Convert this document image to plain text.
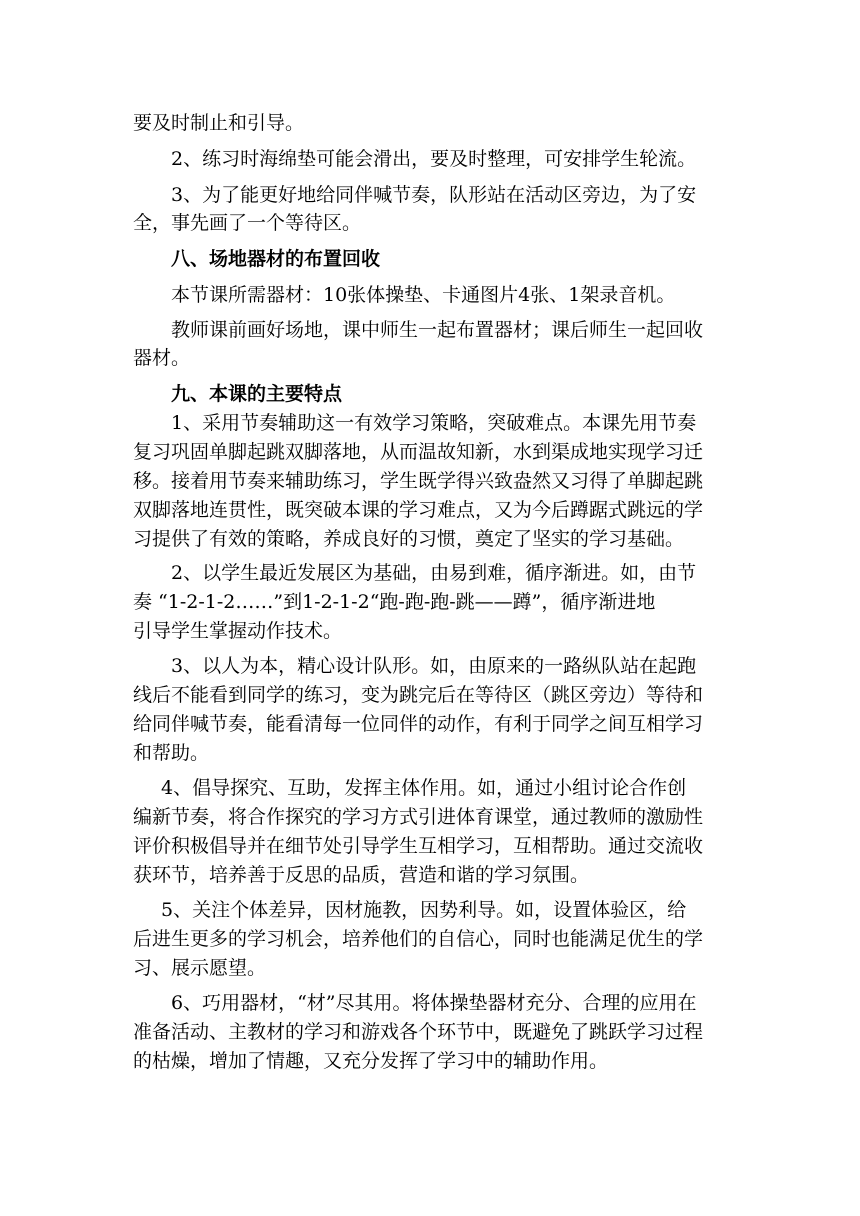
要及时制止和引导。
2、练习时海绵垫可能会滑出，要及时整理，可安排学生轮流。
3、为了能更好地给同伴喊节奏，队形站在活动区旁边，为了安
全，事先画了一个等待区。
八、场地器材的布置回收
本节课所需器材：10张体操垫、卡通图片4张、1架录音机。
教师课前画好场地，课中师生一起布置器材；课后师生一起回收
器材。
九、本课的主要特点
1、采用节奏辅助这一有效学习策略，突破难点。本课先用节奏
复习巩固单脚起跳双脚落地，从而温故知新，水到渠成地实现学习迁
移。接着用节奏来辅助练习，学生既学得兴致盎然又习得了单脚起跳
双脚落地连贯性，既突破本课的学习难点，又为今后蹲踞式跳远的学
习提供了有效的策略，养成良好的习惯，奠定了坚实的学习基础。
2、以学生最近发展区为基础，由易到难，循序渐进。如，由节
奏 “1-2-1-2……”到1-2-1-2“跑-跑-跑-跳——蹲”，循序渐进地
引导学生掌握动作技术。
3、以人为本，精心设计队形。如，由原来的一路纵队站在起跑
线后不能看到同学的练习，变为跳完后在等待区（跳区旁边）等待和
给同伴喊节奏，能看清每一位同伴的动作，有利于同学之间互相学习
和帮助。
4、倡导探究、互助，发挥主体作用。如，通过小组讨论合作创
编新节奏，将合作探究的学习方式引进体育课堂，通过教师的激励性
评价积极倡导并在细节处引导学生互相学习，互相帮助。通过交流收
获环节，培养善于反思的品质，营造和谐的学习氛围。
5、关注个体差异，因材施教，因势利导。如，设置体验区，给
后进生更多的学习机会，培养他们的自信心，同时也能满足优生的学
习、展示愿望。
6、巧用器材，“材”尽其用。将体操垫器材充分、合理的应用在
准备活动、主教材的学习和游戏各个环节中，既避免了跳跃学习过程
的枯燥，增加了情趣，又充分发挥了学习中的辅助作用。
